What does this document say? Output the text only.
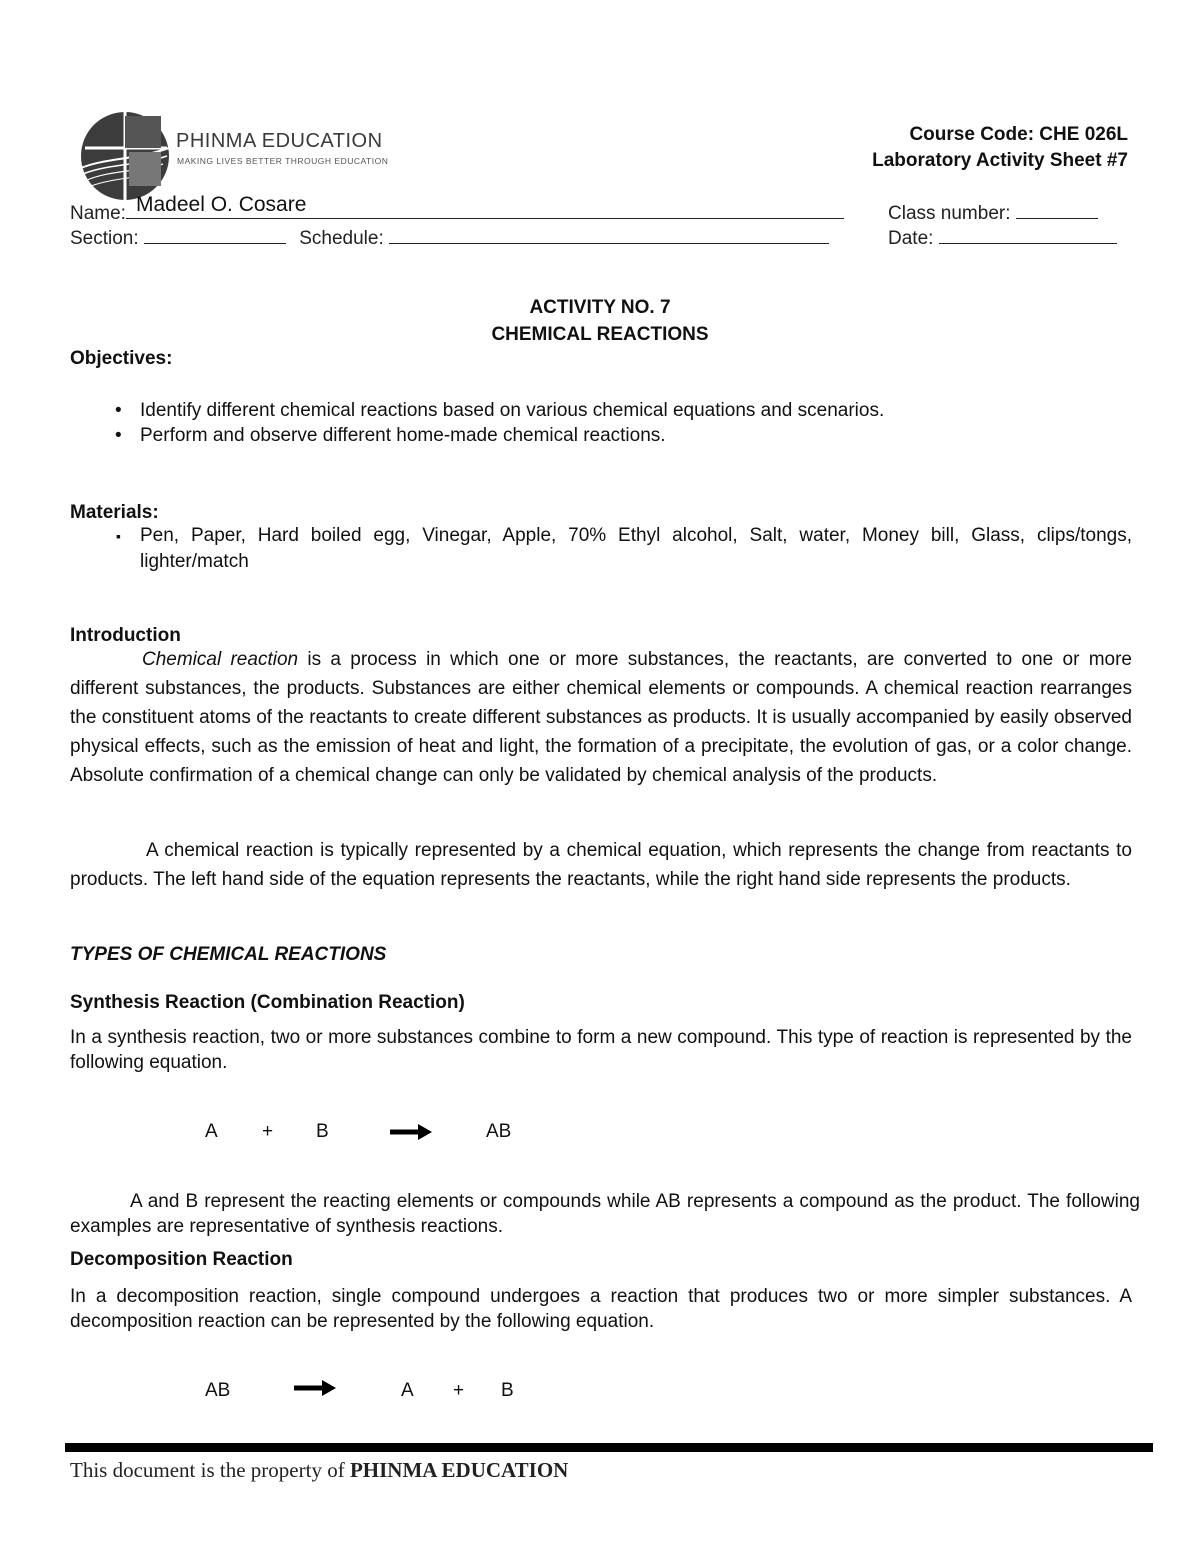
PHINMA EDUCATION
MAKING LIVES BETTER THROUGH EDUCATION
Course Code: CHE 026L
Laboratory Activity Sheet #7
Name: Madeel O. Cosare	Class number:
Section:	Schedule:	Date:
ACTIVITY NO. 7
CHEMICAL REACTIONS
Objectives:
• Identify different chemical reactions based on various chemical equations and scenarios.
• Perform and observe different home-made chemical reactions.
Materials:
▪ Pen, Paper, Hard boiled egg, Vinegar, Apple, 70% Ethyl alcohol, Salt, water, Money bill, Glass, clips/tongs, lighter/match
Introduction
Chemical reaction is a process in which one or more substances, the reactants, are converted to one or more different substances, the products. Substances are either chemical elements or compounds. A chemical reaction rearranges the constituent atoms of the reactants to create different substances as products. It is usually accompanied by easily observed physical effects, such as the emission of heat and light, the formation of a precipitate, the evolution of gas, or a color change. Absolute confirmation of a chemical change can only be validated by chemical analysis of the products.
A chemical reaction is typically represented by a chemical equation, which represents the change from reactants to products. The left hand side of the equation represents the reactants, while the right hand side represents the products.
TYPES OF CHEMICAL REACTIONS
Synthesis Reaction (Combination Reaction)
In a synthesis reaction, two or more substances combine to form a new compound. This type of reaction is represented by the following equation.
A + B	AB
A and B represent the reacting elements or compounds while AB represents a compound as the product. The following examples are representative of synthesis reactions.
Decomposition Reaction
In a decomposition reaction, single compound undergoes a reaction that produces two or more simpler substances. A decomposition reaction can be represented by the following equation.
AB	A + B
This document is the property of PHINMA EDUCATION
